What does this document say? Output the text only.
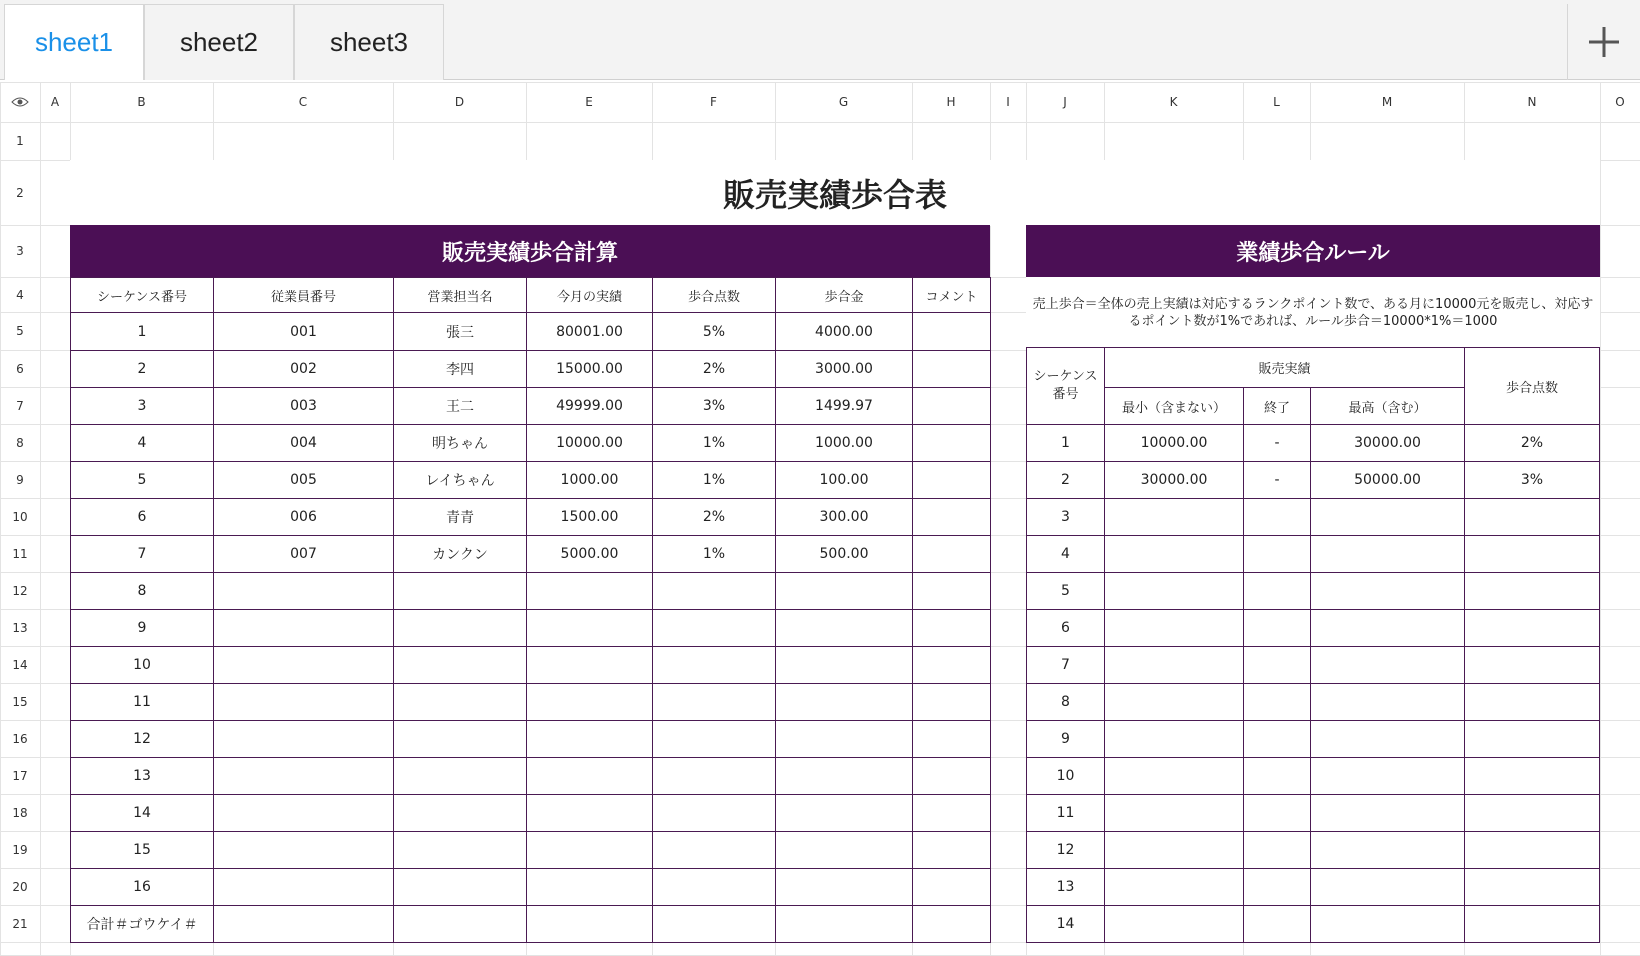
sheet1	sheet2	sheet3
A	B	C	D	E	F	G	H	I	J	K	L	M	N	O
1
2
3
4
5
6
7
8
9
10
11
12
13
14
15
16
17
18
19
20
21
販売実績歩合表
販売実績歩合計算
シーケンス番号	従業員番号	営業担当名	今月の実績	歩合点数	歩合金	コメント
1	001	張三	80001.00	5%	4000.00
2	002	李四	15000.00	2%	3000.00
3	003	王二	49999.00	3%	1499.97
4	004	明ちゃん	10000.00	1%	1000.00
5	005	レイちゃん	1000.00	1%	100.00
6	006	青青	1500.00	2%	300.00
7	007	カンクン	5000.00	1%	500.00
8
9
10
11
12
13
14
15
16
合計＃ゴウケイ＃
業績歩合ルール
売上歩合＝全体の売上実績は対応するランクポイント数で、ある月に10000元を販売し、対応するポイント数が1%であれば、ルール歩合＝10000*1%＝1000
シーケンス番号
販売実績
最小（含まない）	終了	最高（含む）
歩合点数
1	10000.00	-	30000.00	2%
2	30000.00	-	50000.00	3%
3
4
5
6
7
8
9
10
11
12
13
14
